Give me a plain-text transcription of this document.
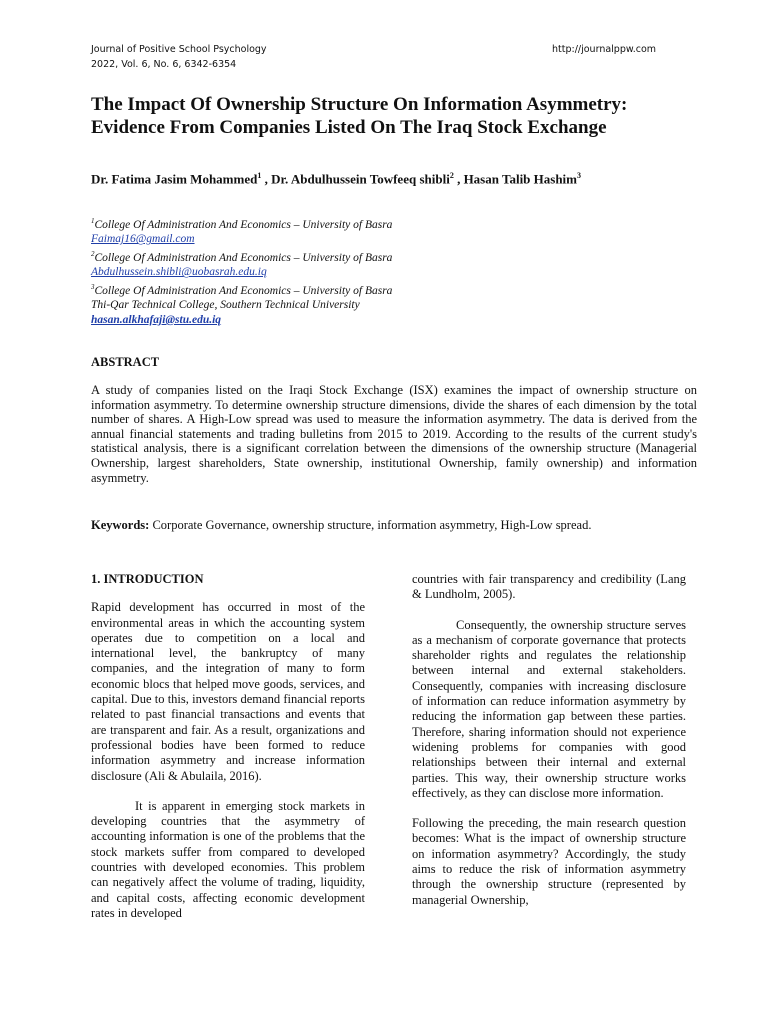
Journal of Positive School Psychology
2022, Vol. 6, No. 6, 6342-6354
http://journalppw.com
The Impact Of Ownership Structure On Information Asymmetry: Evidence From Companies Listed On The Iraq Stock Exchange
Dr. Fatima Jasim Mohammed$^1$ , Dr. Abdulhussein Towfeeq shibli$^2$ , Hasan Talib Hashim$^3$
$^1$College Of Administration And Economics – University of Basra
Faimaj16@gmail.com
$^2$College Of Administration And Economics – University of Basra
Abdulhussein.shibli@uobasrah.edu.iq
$^3$College Of Administration And Economics – University of Basra
Thi-Qar Technical College, Southern Technical University
hasan.alkhafaji@stu.edu.iq
ABSTRACT

A study of companies listed on the Iraqi Stock Exchange (ISX) examines the impact of ownership structure on information asymmetry. To determine ownership structure dimensions, divide the shares of each dimension by the total number of shares. A High-Low spread was used to measure the information asymmetry. The data is derived from the annual financial statements and trading bulletins from 2015 to 2019. According to the results of the current study's statistical analysis, there is a significant correlation between the dimensions of the ownership structure (Managerial Ownership, largest shareholders, State ownership, institutional Ownership, family ownership) and information asymmetry.

Keywords: Corporate Governance, ownership structure, information asymmetry, High-Low spread.

1. INTRODUCTION

Rapid development has occurred in most of the environmental areas in which the accounting system operates due to competition on a local and international level, the bankruptcy of many companies, and the integration of many to form economic blocs that helped move goods, services, and capital. Due to this, investors demand financial reports related to past financial transactions and events that are transparent and fair. As a result, organizations and professional bodies have been formed to reduce information asymmetry and increase information disclosure (Ali & Abulaila, 2016).

It is apparent in emerging stock markets in developing countries that the asymmetry of accounting information is one of the problems that the stock markets suffer from compared to developed countries with developed economies. This problem can negatively affect the volume of trading, liquidity, and capital costs, affecting economic development rates in developed

countries with fair transparency and credibility (Lang & Lundholm, 2005).

Consequently, the ownership structure serves as a mechanism of corporate governance that protects shareholder rights and regulates the relationship between internal and external stakeholders. Consequently, companies with increasing disclosure of information can reduce information asymmetry by reducing the information gap between these parties. Therefore, sharing information should not experience widening problems for companies with good relationships between their internal and external parties. This way, their ownership structure works effectively, as they can disclose more information.

Following the preceding, the main research question becomes: What is the impact of ownership structure on information asymmetry? Accordingly, the study aims to reduce the risk of information asymmetry through the ownership structure (represented by managerial Ownership,
